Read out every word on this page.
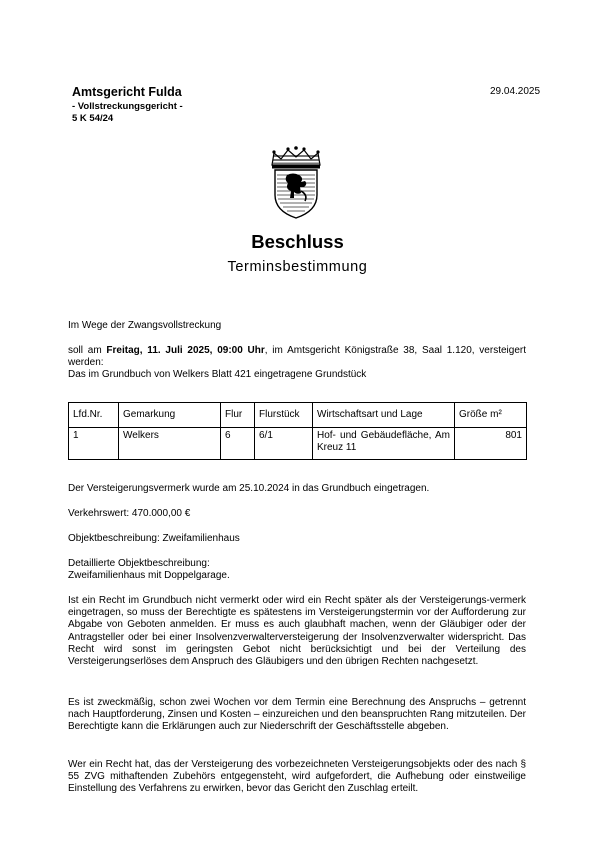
Amtsgericht Fulda
- Vollstreckungsgericht -
5 K 54/24
29.04.2025
Beschluss
Terminsbestimmung
Im Wege der Zwangsvollstreckung
soll am Freitag, 11. Juli 2025, 09:00 Uhr, im Amtsgericht Königstraße 38, Saal 1.120, versteigert werden:
Das im Grundbuch von Welkers Blatt 421 eingetragene Grundstück
Lfd.Nr.	Gemarkung	Flur	Flurstück	Wirtschaftsart und Lage	Größe m²
1	Welkers	6	6/1	Hof- und Gebäudefläche, Am Kreuz 11	801
Der Versteigerungsvermerk wurde am 25.10.2024 in das Grundbuch eingetragen.
Verkehrswert: 470.000,00 €
Objektbeschreibung: Zweifamilienhaus
Detaillierte Objektbeschreibung:
Zweifamilienhaus mit Doppelgarage.
Ist ein Recht im Grundbuch nicht vermerkt oder wird ein Recht später als der Versteigerungs-vermerk eingetragen, so muss der Berechtigte es spätestens im Versteigerungstermin vor der Aufforderung zur Abgabe von Geboten anmelden. Er muss es auch glaubhaft machen, wenn der Gläubiger oder der Antragsteller oder bei einer Insolvenzverwalterversteigerung der Insolvenzverwalter widerspricht. Das Recht wird sonst im geringsten Gebot nicht berücksichtigt und bei der Verteilung des Versteigerungserlöses dem Anspruch des Gläubigers und den übrigen Rechten nachgesetzt.
Es ist zweckmäßig, schon zwei Wochen vor dem Termin eine Berechnung des Anspruchs – getrennt nach Hauptforderung, Zinsen und Kosten – einzureichen und den beanspruchten Rang mitzuteilen. Der Berechtigte kann die Erklärungen auch zur Niederschrift der Geschäftsstelle abgeben.
Wer ein Recht hat, das der Versteigerung des vorbezeichneten Versteigerungsobjekts oder des nach § 55 ZVG mithaftenden Zubehörs entgegensteht, wird aufgefordert, die Aufhebung oder einstweilige Einstellung des Verfahrens zu erwirken, bevor das Gericht den Zuschlag erteilt.
